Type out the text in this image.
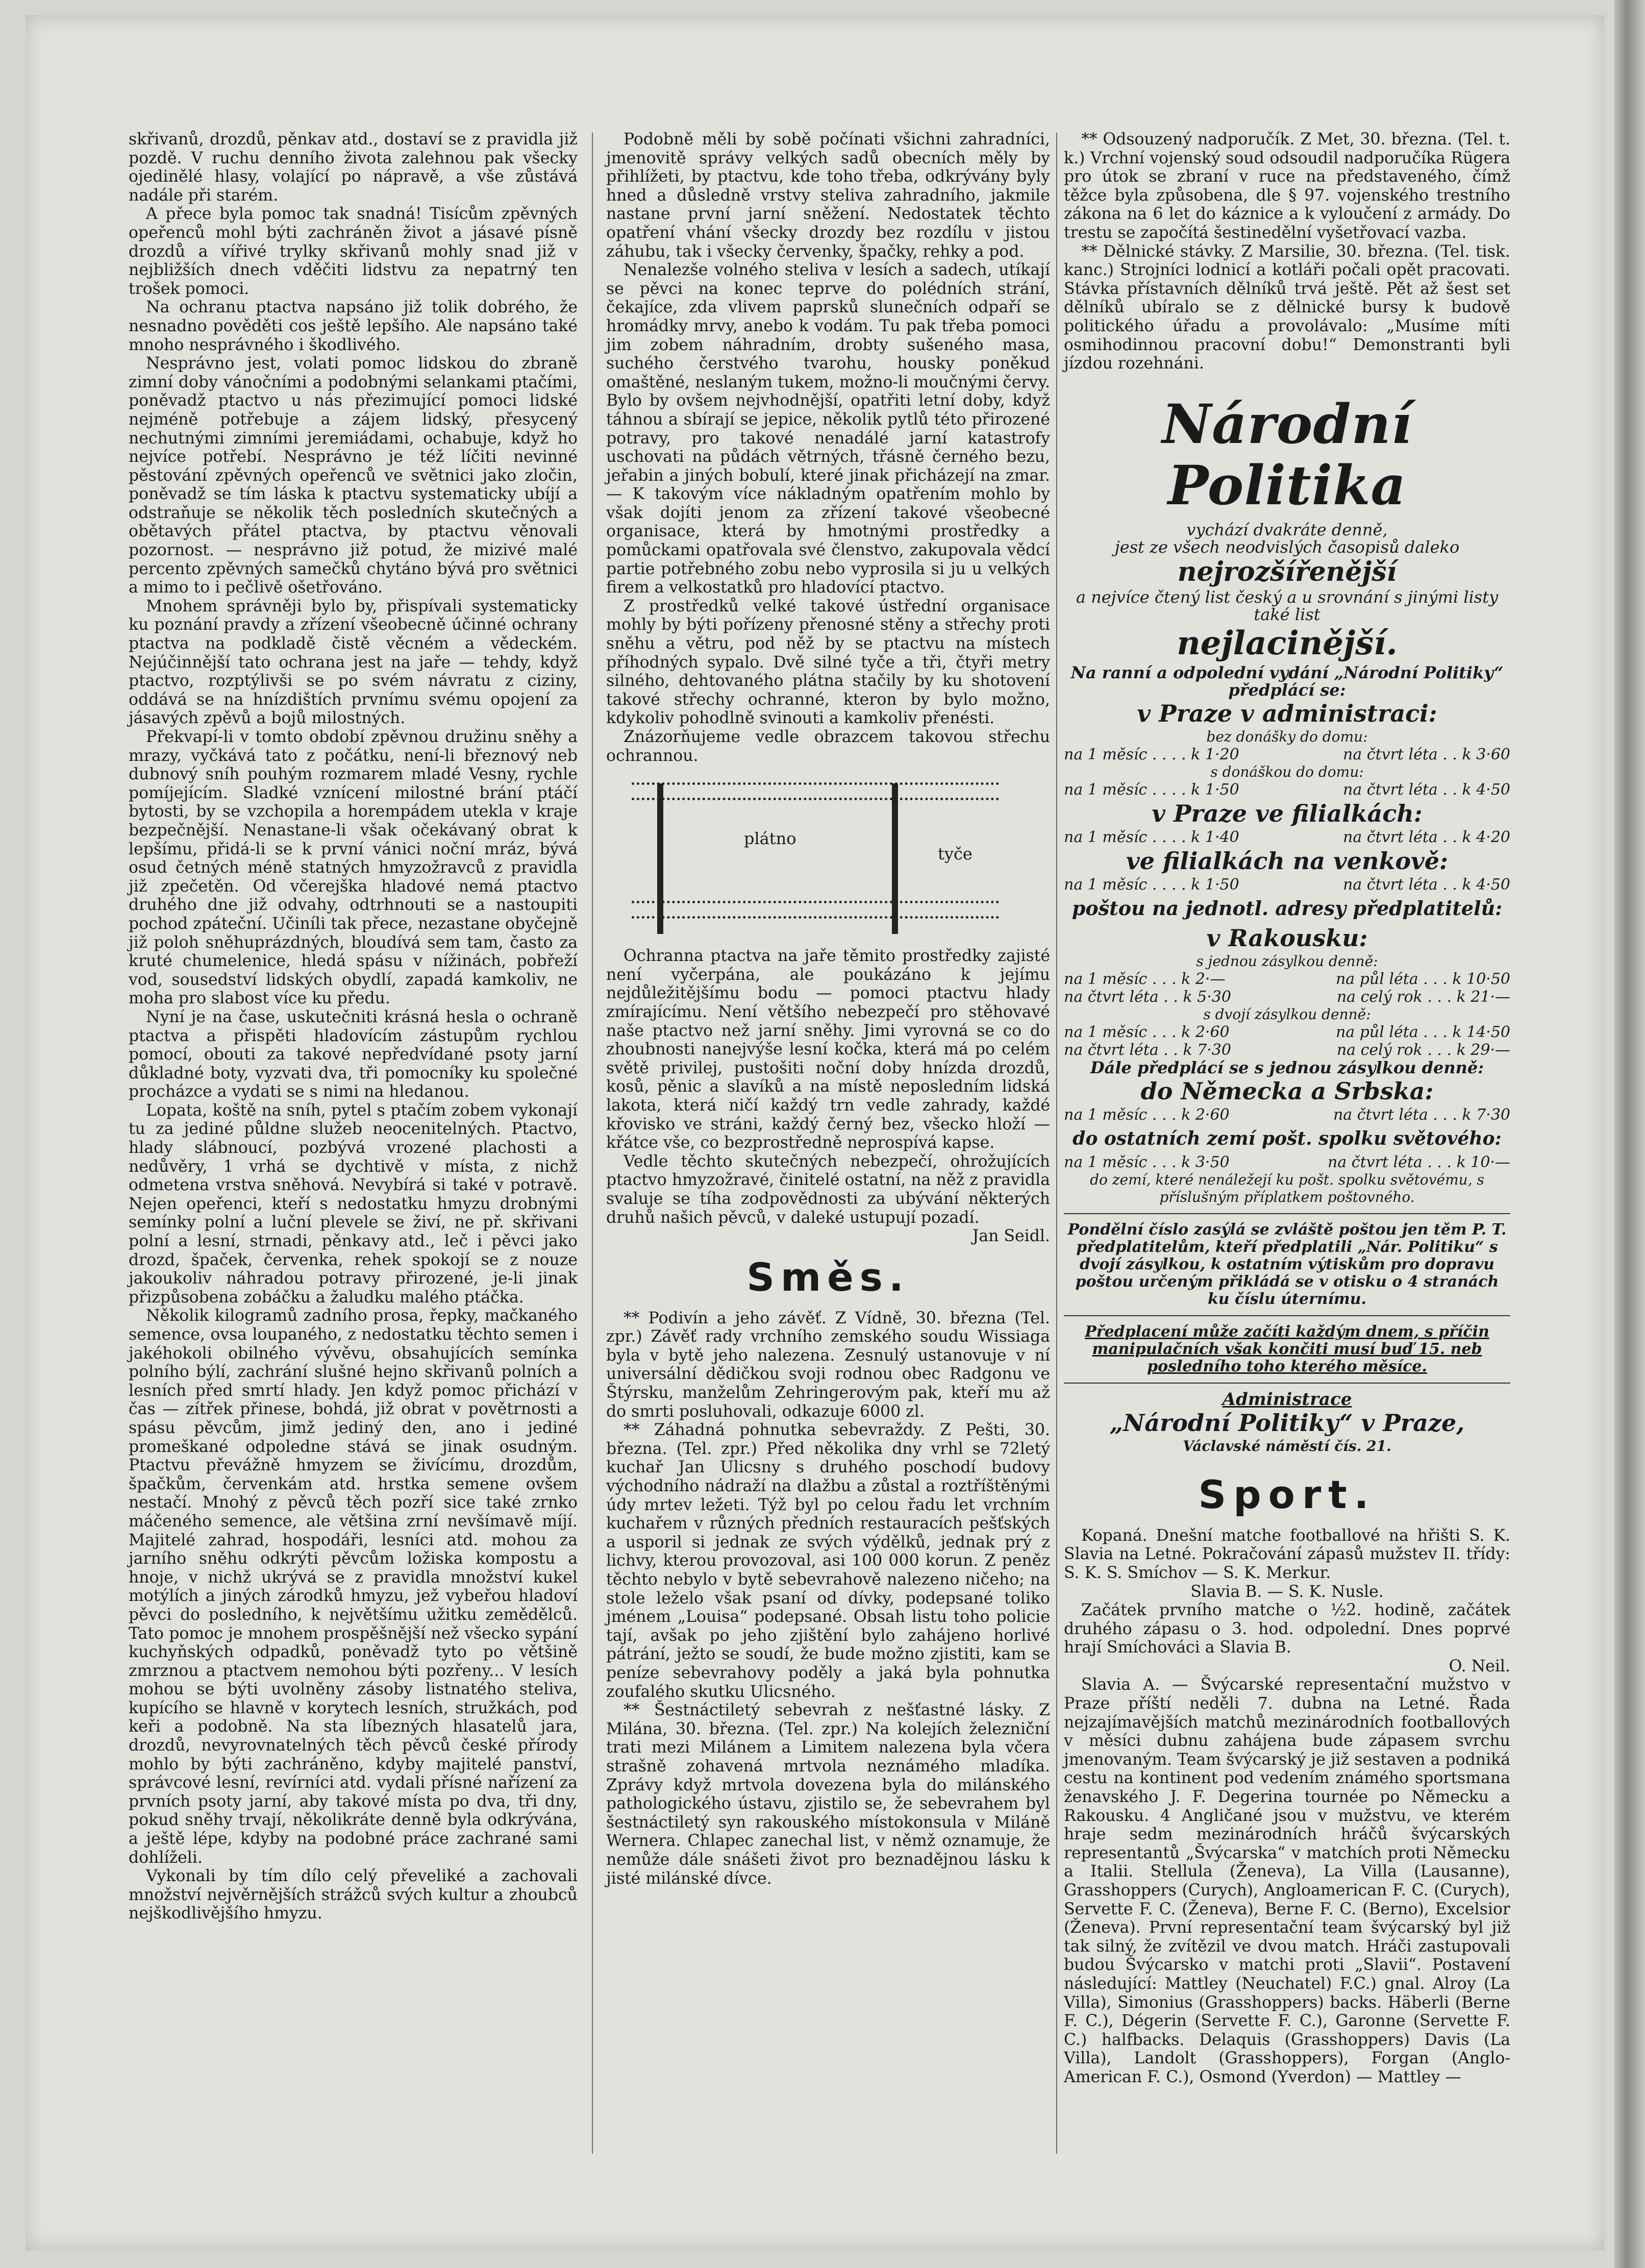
skřivanů, drozdů, pěnkav atd., dostaví se z pravidla již pozdě. V ruchu denního života zalehnou pak všecky ojedinělé hlasy, volající po nápravě, a vše zůstává nadále při starém.

A přece byla pomoc tak snadná! Tisícům zpěvných opeřenců mohl býti zachráněn život a jásavé písně drozdů a vířivé trylky skřivanů mohly snad již v nejbližších dnech vděčiti lidstvu za nepatrný ten trošek pomoci.

Na ochranu ptactva napsáno již tolik dobrého, že nesnadno pověděti cos ještě lepšího. Ale napsáno také mnoho nesprávného i škodlivého.

Nesprávno jest, volati pomoc lidskou do zbraně zimní doby vánočními a podobnými selankami ptačími, poněvadž ptactvo u nás přezimující pomoci lidské nejméně potřebuje a zájem lidský, přesycený nechutnými zimními jeremiádami, ochabuje, když ho nejvíce potřebí. Nesprávno je též líčiti nevinné pěstování zpěvných opeřenců ve světnici jako zločin, poněvadž se tím láska k ptactvu systematicky ubíjí a odstraňuje se několik těch posledních skutečných a obětavých přátel ptactva, by ptactvu věnovali pozornost. — nesprávno již potud, že mizivé malé percento zpěvných samečků chytáno bývá pro světnici a mimo to i pečlivě ošetřováno.

Mnohem správněji bylo by, přispívali systematicky ku poznání pravdy a zřízení všeobecně účinné ochrany ptactva na podkladě čistě věcném a vědeckém. Nejúčinnější tato ochrana jest na jaře — tehdy, když ptactvo, rozptýlivši se po svém návratu z ciziny, oddává se na hnízdištích prvnímu svému opojení za jásavých zpěvů a bojů milostných.

Překvapí-li v tomto období zpěvnou družinu sněhy a mrazy, vyčkává tato z počátku, není-li březnový neb dubnový sníh pouhým rozmarem mladé Vesny, rychle pomíjejícím. Sladké vznícení milostné brání ptáčí bytosti, by se vzchopila a horempádem utekla v kraje bezpečnější. Nenastane-li však očekávaný obrat k lepšímu, přidá-li se k první vánici noční mráz, bývá osud četných méně statných hmyzožravců z pravidla již zpečetěn. Od včerejška hladové nemá ptactvo druhého dne již odvahy, odtrhnouti se a nastoupiti pochod zpáteční. Učiníli tak přece, nezastane obyčejně již poloh sněhuprázdných, bloudívá sem tam, často za kruté chumelenice, hledá spásu v nížinách, pobřeží vod, sousedství lidských obydlí, zapadá kamkoliv, ne moha pro slabost více ku předu.

Nyní je na čase, uskutečniti krásná hesla o ochraně ptactva a přispěti hladovícím zástupům rychlou pomocí, obouti za takové nepředvídané psoty jarní důkladné boty, vyzvati dva, tři pomocníky ku společné procházce a vydati se s nimi na hledanou.

Lopata, koště na sníh, pytel s ptačím zobem vykonají tu za jediné půldne služeb neocenitelných. Ptactvo, hlady slábnoucí, pozbývá vrozené plachosti a nedůvěry, 1 vrhá se dychtivě v místa, z nichž odmetena vrstva sněhová. Nevybírá si také v potravě. Nejen opeřenci, kteří s nedostatku hmyzu drobnými semínky polní a luční plevele se živí, ne př. skřivani polní a lesní, strnadi, pěnkavy atd., leč i pěvci jako drozd, špaček, červenka, rehek spokojí se z nouze jakoukoliv náhradou potravy přirozené, je-li jinak přizpůsobena zobáčku a žaludku malého ptáčka.

Několik kilogramů zadního prosa, řepky, mačkaného semence, ovsa loupaného, z nedostatku těchto semen i jakéhokoli obilného vývěvu, obsahujících semínka polního býlí, zachrání slušné hejno skřivanů polních a lesních před smrtí hlady. Jen když pomoc přichází v čas — zítřek přinese, bohdá, již obrat v povětrnosti a spásu pěvcům, jimž jediný den, ano i jediné promeškané odpoledne stává se jinak osudným. Ptactvu převážně hmyzem se živícímu, drozdům, špačkům, červenkám atd. hrstka semene ovšem nestačí. Mnohý z pěvců těch pozří sice také zrnko máčeného semence, ale většina zrní nevšímavě míjí. Majitelé zahrad, hospodáři, lesníci atd. mohou za jarního sněhu odkrýti pěvcům ložiska kompostu a hnoje, v nichž ukrývá se z pravidla množství kukel motýlích a jiných zárodků hmyzu, jež vybeřou hladoví pěvci do posledního, k největšímu užitku zemědělců. Tato pomoc je mnohem prospěšnější než všecko sypání kuchyňských odpadků, poněvadž tyto po většině zmrznou a ptactvem nemohou býti pozřeny... V lesích mohou se býti uvolněny zásoby listnatého steliva, kupícího se hlavně v korytech lesních, stružkách, pod keři a podobně. Na sta líbezných hlasatelů jara, drozdů, nevyrovnatelných těch pěvců české přírody mohlo by býti zachráněno, kdyby majitelé panství, správcové lesní, revírníci atd. vydali přísné nařízení za prvních psoty jarní, aby takové místa po dva, tři dny, pokud sněhy trvají, několikráte denně byla odkrývána, a ještě lépe, kdyby na podobné práce zachrané sami dohlíželi.

Vykonali by tím dílo celý převeliké a zachovali množství nejvěrnějších strážců svých kultur a zhoubců nejškodlivějšího hmyzu.

Podobně měli by sobě počínati všichni zahradníci, jmenovitě správy velkých sadů obecních měly by přihlížeti, by ptactvu, kde toho třeba, odkrývány byly hned a důsledně vrstvy steliva zahradního, jakmile nastane první jarní sněžení. Nedostatek těchto opatření vhání všecky drozdy bez rozdílu v jistou záhubu, tak i všecky červenky, špačky, rehky a pod.

Nenalezše volného steliva v lesích a sadech, utíkají se pěvci na konec teprve do polédních strání, čekajíce, zda vlivem paprsků slunečních odpaří se hromádky mrvy, anebo k vodám. Tu pak třeba pomoci jim zobem náhradním, drobty sušeného masa, suchého čerstvého tvarohu, housky poněkud omaštěné, neslaným tukem, možno-li moučnými červy. Bylo by ovšem nejvhodnější, opatřiti letní doby, když táhnou a sbírají se jepice, několik pytlů této přirozené potravy, pro takové nenadálé jarní katastrofy uschovati na půdách větrných, třásně černého bezu, jeřabin a jiných bobulí, které jinak přicházejí na zmar. — K takovým více nákladným opatřením mohlo by však dojíti jenom za zřízení takové všeobecné organisace, která by hmotnými prostředky a pomůckami opatřovala své členstvo, zakupovala vědcí partie potřebného zobu nebo vyprosila si ju u velkých firem a velkostatků pro hladovící ptactvo.

Z prostředků velké takové ústřední organisace mohly by býti pořízeny přenosné stěny a střechy proti sněhu a větru, pod něž by se ptactvu na místech příhodných sypalo. Dvě silné tyče a tři, čtyři metry silného, dehtovaného plátna stačily by ku shotovení takové střechy ochranné, kteron by bylo možno, kdykoliv pohodlně svinouti a kamkoliv přenésti.

Znázorňujeme vedle obrazcem takovou střechu ochrannou.

plátno
tyče

Ochranna ptactva na jaře těmito prostředky zajisté není vyčerpána, ale poukázáno k jejímu nejdůležitějšímu bodu — pomoci ptactvu hlady zmírajícímu. Není většího nebezpečí pro stěhovavé naše ptactvo než jarní sněhy. Jimi vyrovná se co do zhoubnosti nanejvýše lesní kočka, která má po celém světě privilej, pustošiti noční doby hnízda drozdů, kosů, pěnic a slavíků a na místě neposledním lidská lakota, která ničí každý trn vedle zahrady, každé křovisko ve stráni, každý černý bez, všecko hloží — křátce vše, co bezprostředně neprospívá kapse.

Vedle těchto skutečných nebezpečí, ohrožujících ptactvo hmyzožravé, činitelé ostatní, na něž z pravidla svaluje se tíha zodpovědnosti za ubývání některých druhů našich pěvců, v daleké ustupují pozadí.

Jan Seidl.

Směs.

** Podivín a jeho závěť. Z Vídně, 30. března (Tel. zpr.) Závěť rady vrchního zemského soudu Wissiaga byla v bytě jeho nalezena. Zesnulý ustanovuje v ní universální dědičkou svoji rodnou obec Radgonu ve Štýrsku, manželům Zehringerovým pak, kteří mu až do smrti posluhovali, odkazuje 6000 zl.

** Záhadná pohnutka sebevraždy. Z Pešti, 30. března. (Tel. zpr.) Před několika dny vrhl se 72letý kuchař Jan Ulicsny s druhého poschodí budovy východního nádraží na dlažbu a zůstal a roztříštěnými údy mrtev ležeti. Týž byl po celou řadu let vrchním kuchařem v různých předních restauracích pešťských a usporil si jednak ze svých výdělků, jednak prý z lichvy, kterou provozoval, asi 100 000 korun. Z peněz těchto nebylo v bytě sebevrahově nalezeno ničeho; na stole leželo však psaní od dívky, podepsané toliko jménem „Louisa“ podepsané. Obsah listu toho policie tají, avšak po jeho zjištění bylo zahájeno horlivé pátrání, ježto se soudí, že bude možno zjistiti, kam se peníze sebevrahovy poděly a jaká byla pohnutka zoufalého skutku Ulicsného.

** Šestnáctiletý sebevrah z nešťastné lásky. Z Milána, 30. března. (Tel. zpr.) Na kolejích železniční trati mezi Milánem a Limitem nalezena byla včera strašně zohavená mrtvola neznámého mladíka. Zprávy když mrtvola dovezena byla do milánského pathologického ústavu, zjistilo se, že sebevrahem byl šestnáctiletý syn rakouského místokonsula v Miláně Wernera. Chlapec zanechal list, v němž oznamuje, že nemůže dále snášeti život pro beznadějnou lásku k jisté milánské dívce.

** Odsouzený nadporučík. Z Met, 30. března. (Tel. t. k.) Vrchní vojenský soud odsoudil nadporučíka Rügera pro útok se zbraní v ruce na představeného, čímž těžce byla způsobena, dle § 97. vojenského trestního zákona na 6 let do káznice a k vyloučení z armády. Do trestu se započítá šestinedělní vyšetřovací vazba.

** Dělnické stávky. Z Marsilie, 30. března. (Tel. tisk. kanc.) Strojníci lodnicí a kotláři počali opět pracovati. Stávka přístavních dělníků trvá ještě. Pět až šest set dělníků ubíralo se z dělnické bursy k budově politického úřadu a provolávalo: „Musíme míti osmihodinnou pracovní dobu!“ Demonstranti byli jízdou rozehnáni.

Národní Politika
vychází dvakráte denně,
jest ze všech neodvislých časopisů daleko
nejrozšířenější
a nejvíce čtený list český a u srovnání s jinými listy také list
nejlacinější.
Na ranní a odpolední vydání „Národní Politiky“ předplácí se:
v Praze v administraci:
bez donášky do domu:
na 1 měsíc . . . . k 1·20	na čtvrt léta . . k 3·60
s donáškou do domu:
na 1 měsíc . . . . k 1·50	na čtvrt léta . . k 4·50
v Praze ve filialkách:
na 1 měsíc . . . . k 1·40	na čtvrt léta . . k 4·20
ve filialkách na venkově:
na 1 měsíc . . . . k 1·50	na čtvrt léta . . k 4·50
poštou na jednotl. adresy předplatitelů:
v Rakousku:
s jednou zásylkou denně:
na 1 měsíc . . . k 2·—	na půl léta . . . k 10·50
na čtvrt léta . . k 5·30	na celý rok . . . k 21·—
s dvojí zásylkou denně:
na 1 měsíc . . . k 2·60	na půl léta . . . k 14·50
na čtvrt léta . . k 7·30	na celý rok . . . k 29·—
Dále předplácí se s jednou zásylkou denně:
do Německa a Srbska:
na 1 měsíc . . . k 2·60	na čtvrt léta . . . k 7·30
do ostatních zemí pošt. spolku světového:
na 1 měsíc . . . k 3·50	na čtvrt léta . . . k 10·—
do zemí, které nenáležejí ku pošt. spolku světovému, s příslušným příplatkem poštovného.
Pondělní číslo zasýlá se zvláště poštou jen těm P. T. předplatitelům, kteří předplatili „Nár. Politiku“ s dvojí zásylkou, k ostatním výtiskům pro dopravu poštou určeným přikládá se v otisku o 4 stranách ku číslu úternímu.
Předplacení může začíti každým dnem, s příčin manipulačních však končiti musí buď 15. neb posledního toho kterého měsíce.
Administrace
„Národní Politiky“ v Praze,
Václavské náměstí čís. 21.
Sport.

Kopaná. Dnešní matche footballové na hřišti S. K. Slavia na Letné. Pokračování zápasů mužstev II. třídy: S. K. S. Smíchov — S. K. Merkur.

Slavia B. — S. K. Nusle.

Začátek prvního matche o ½2. hodině, začátek druhého zápasu o 3. hod. odpolední. Dnes poprvé hrají Smíchováci a Slavia B.

O. Neil.

Slavia A. — Švýcarské representační mužstvo v Praze příští neděli 7. dubna na Letné. Řada nejzajímavějších matchů mezinárodních footballových v měsíci dubnu zahájena bude zápasem svrchu jmenovaným. Team švýcarský je již sestaven a podniká cestu na kontinent pod vedením známého sportsmana ženavského J. F. Degerina tournée po Německu a Rakousku. 4 Angličané jsou v mužstvu, ve kterém hraje sedm mezinárodních hráčů švýcarských representantů „Švýcarska“ v matchích proti Německu a Italii. Stellula (Ženeva), La Villa (Lausanne), Grasshoppers (Curych), Angloamerican F. C. (Curych), Servette F. C. (Ženeva), Berne F. C. (Berno), Excelsior (Ženeva). První representační team švýcarský byl již tak silný, že zvítězil ve dvou match. Hráči zastupovali budou Švýcarsko v matchi proti „Slavii“. Postavení následující: Mattley (Neuchatel) F.C.) gnal. Alroy (La Villa), Simonius (Grasshoppers) backs. Häberli (Berne F. C.), Dégerin (Servette F. C.), Garonne (Servette F. C.) halfbacks. Delaquis (Grasshoppers) Davis (La Villa), Landolt (Grasshoppers), Forgan (Anglo-American F. C.), Osmond (Yverdon) — Mattley —
